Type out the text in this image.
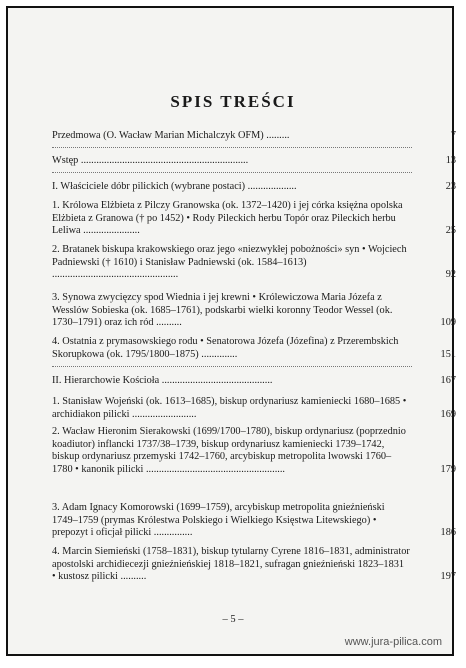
SPIS TREŚCI
Przedmowa (O. Wacław Marian Michalczyk OFM) .........	7
Wstęp .................................................................	13
I. Właściciele dóbr pilickich (wybrane postaci) ...................	23
1. Królowa Elżbieta z Pilczy Granowska (ok. 1372–1420) i jej córka księżna opolska Elżbieta z Granowa († po 1452) • Rody Pileckich herbu Topór oraz Pileckich herbu Leliwa ......................	25
2. Bratanek biskupa krakowskiego oraz jego «niezwykłej pobożności» syn • Wojciech Padniewski († 1610) i Stanisław Padniewski (ok. 1584–1613) .................................................	92
3. Synowa zwycięzcy spod Wiednia i jej krewni • Królewiczowa Maria Józefa z Wesslów Sobieska (ok. 1685–1761), podskarbi wielki koronny Teodor Wessel (ok. 1730–1791) oraz ich ród ..........	109
4. Ostatnia z prymasowskiego rodu • Senatorowa Józefa (Józefina) z Przerembskich Skorupkowa (ok. 1795/1800–1875) ..............	151
II. Hierarchowie Kościoła ...........................................	167
1. Stanisław Wojeński (ok. 1613–1685), biskup ordynariusz kamieniecki 1680–1685 • archidiakon pilicki .........................	169
2. Wacław Hieronim Sierakowski (1699/1700–1780), biskup ordynariusz (poprzednio koadiutor) inflancki 1737/38–1739, biskup ordynariusz kamieniecki 1739–1742, biskup ordynariusz przemyski 1742–1760, arcybiskup metropolita lwowski 1760–1780 • kanonik pilicki ......................................................	179
3. Adam Ignacy Komorowski (1699–1759), arcybiskup metropolita gnieźnieński 1749–1759 (prymas Królestwa Polskiego i Wielkiego Księstwa Litewskiego) • prepozyt i oficjał pilicki ...............	186
4. Marcin Siemieński (1758–1831), biskup tytularny Cyrene 1816–1831, administrator apostolski archidiecezji gnieźnieńskiej 1818–1821, sufragan gnieźnieński 1823–1831 • kustosz pilicki ..........	197
– 5 –
www.jura-pilica.com
